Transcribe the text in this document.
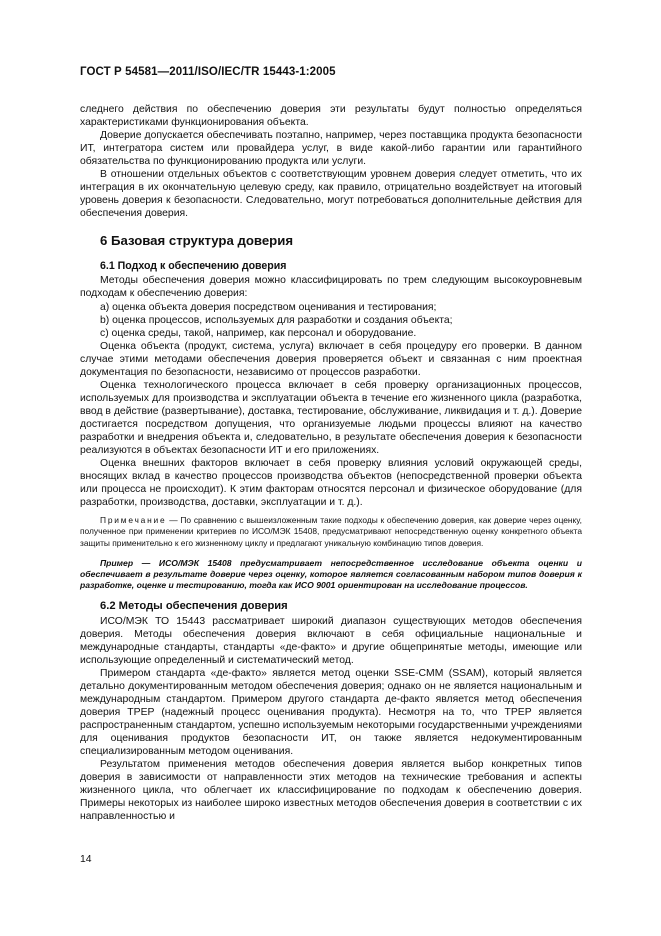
ГОСТ Р 54581—2011/ISO/IEC/TR 15443-1:2005

следнего действия по обеспечению доверия эти результаты будут полностью определяться характеристиками функционирования объекта.

Доверие допускается обеспечивать поэтапно, например, через поставщика продукта безопасности ИТ, интегратора систем или провайдера услуг, в виде какой-либо гарантии или гарантийного обязательства по функционированию продукта или услуги.

В отношении отдельных объектов с соответствующим уровнем доверия следует отметить, что их интеграция в их окончательную целевую среду, как правило, отрицательно воздействует на итоговый уровень доверия к безопасности. Следовательно, могут потребоваться дополнительные действия для обеспечения доверия.

6 Базовая структура доверия
6.1 Подход к обеспечению доверия

Методы обеспечения доверия можно классифицировать по трем следующим высокоуровневым подходам к обеспечению доверия:

a) оценка объекта доверия посредством оценивания и тестирования;

b) оценка процессов, используемых для разработки и создания объекта;

c) оценка среды, такой, например, как персонал и оборудование.

Оценка объекта (продукт, система, услуга) включает в себя процедуру его проверки. В данном случае этими методами обеспечения доверия проверяется объект и связанная с ним проектная документация по безопасности, независимо от процессов разработки.

Оценка технологического процесса включает в себя проверку организационных процессов, используемых для производства и эксплуатации объекта в течение его жизненного цикла (разработка, ввод в действие (развертывание), доставка, тестирование, обслуживание, ликвидация и т. д.). Доверие достигается посредством допущения, что организуемые людьми процессы влияют на качество разработки и внедрения объекта и, следовательно, в результате обеспечения доверия к безопасности реализуются в объектах безопасности ИТ и его приложениях.

Оценка внешних факторов включает в себя проверку влияния условий окружающей среды, вносящих вклад в качество процессов производства объектов (непосредственной проверки объекта или процесса не происходит). К этим факторам относятся персонал и физическое оборудование (для разработки, производства, доставки, эксплуатации и т. д.).

Примечание — По сравнению с вышеизложенным такие подходы к обеспечению доверия, как доверие через оценку, полученное при применении критериев по ИСО/МЭК 15408, предусматривают непосредственную оценку конкретного объекта защиты применительно к его жизненному циклу и предлагают уникальную комбинацию типов доверия.

Пример — ИСО/МЭК 15408 предусматривает непосредственное исследование объекта оценки и обеспечивает в результате доверие через оценку, которое является согласованным набором типов доверия к разработке, оценке и тестированию, тогда как ИСО 9001 ориентирован на исследование процессов.

6.2 Методы обеспечения доверия

ИСО/МЭК ТО 15443 рассматривает широкий диапазон существующих методов обеспечения доверия. Методы обеспечения доверия включают в себя официальные национальные и международные стандарты, стандарты «де-факто» и другие общепринятые методы, имеющие или использующие определенный и систематический метод.

Примером стандарта «де-факто» является метод оценки SSE-CMM (SSAM), который является детально документированным методом обеспечения доверия; однако он не является национальным и международным стандартом. Примером другого стандарта де-факто является метод обеспечения доверия TPEP (надежный процесс оценивания продукта). Несмотря на то, что TPEP является распространенным стандартом, успешно используемым некоторыми государственными учреждениями для оценивания продуктов безопасности ИТ, он также является недокументированным специализированным методом оценивания.

Результатом применения методов обеспечения доверия является выбор конкретных типов доверия в зависимости от направленности этих методов на технические требования и аспекты жизненного цикла, что облегчает их классифицирование по подходам к обеспечению доверия. Примеры некоторых из наиболее широко известных методов обеспечения доверия в соответствии с их направленностью и

14
